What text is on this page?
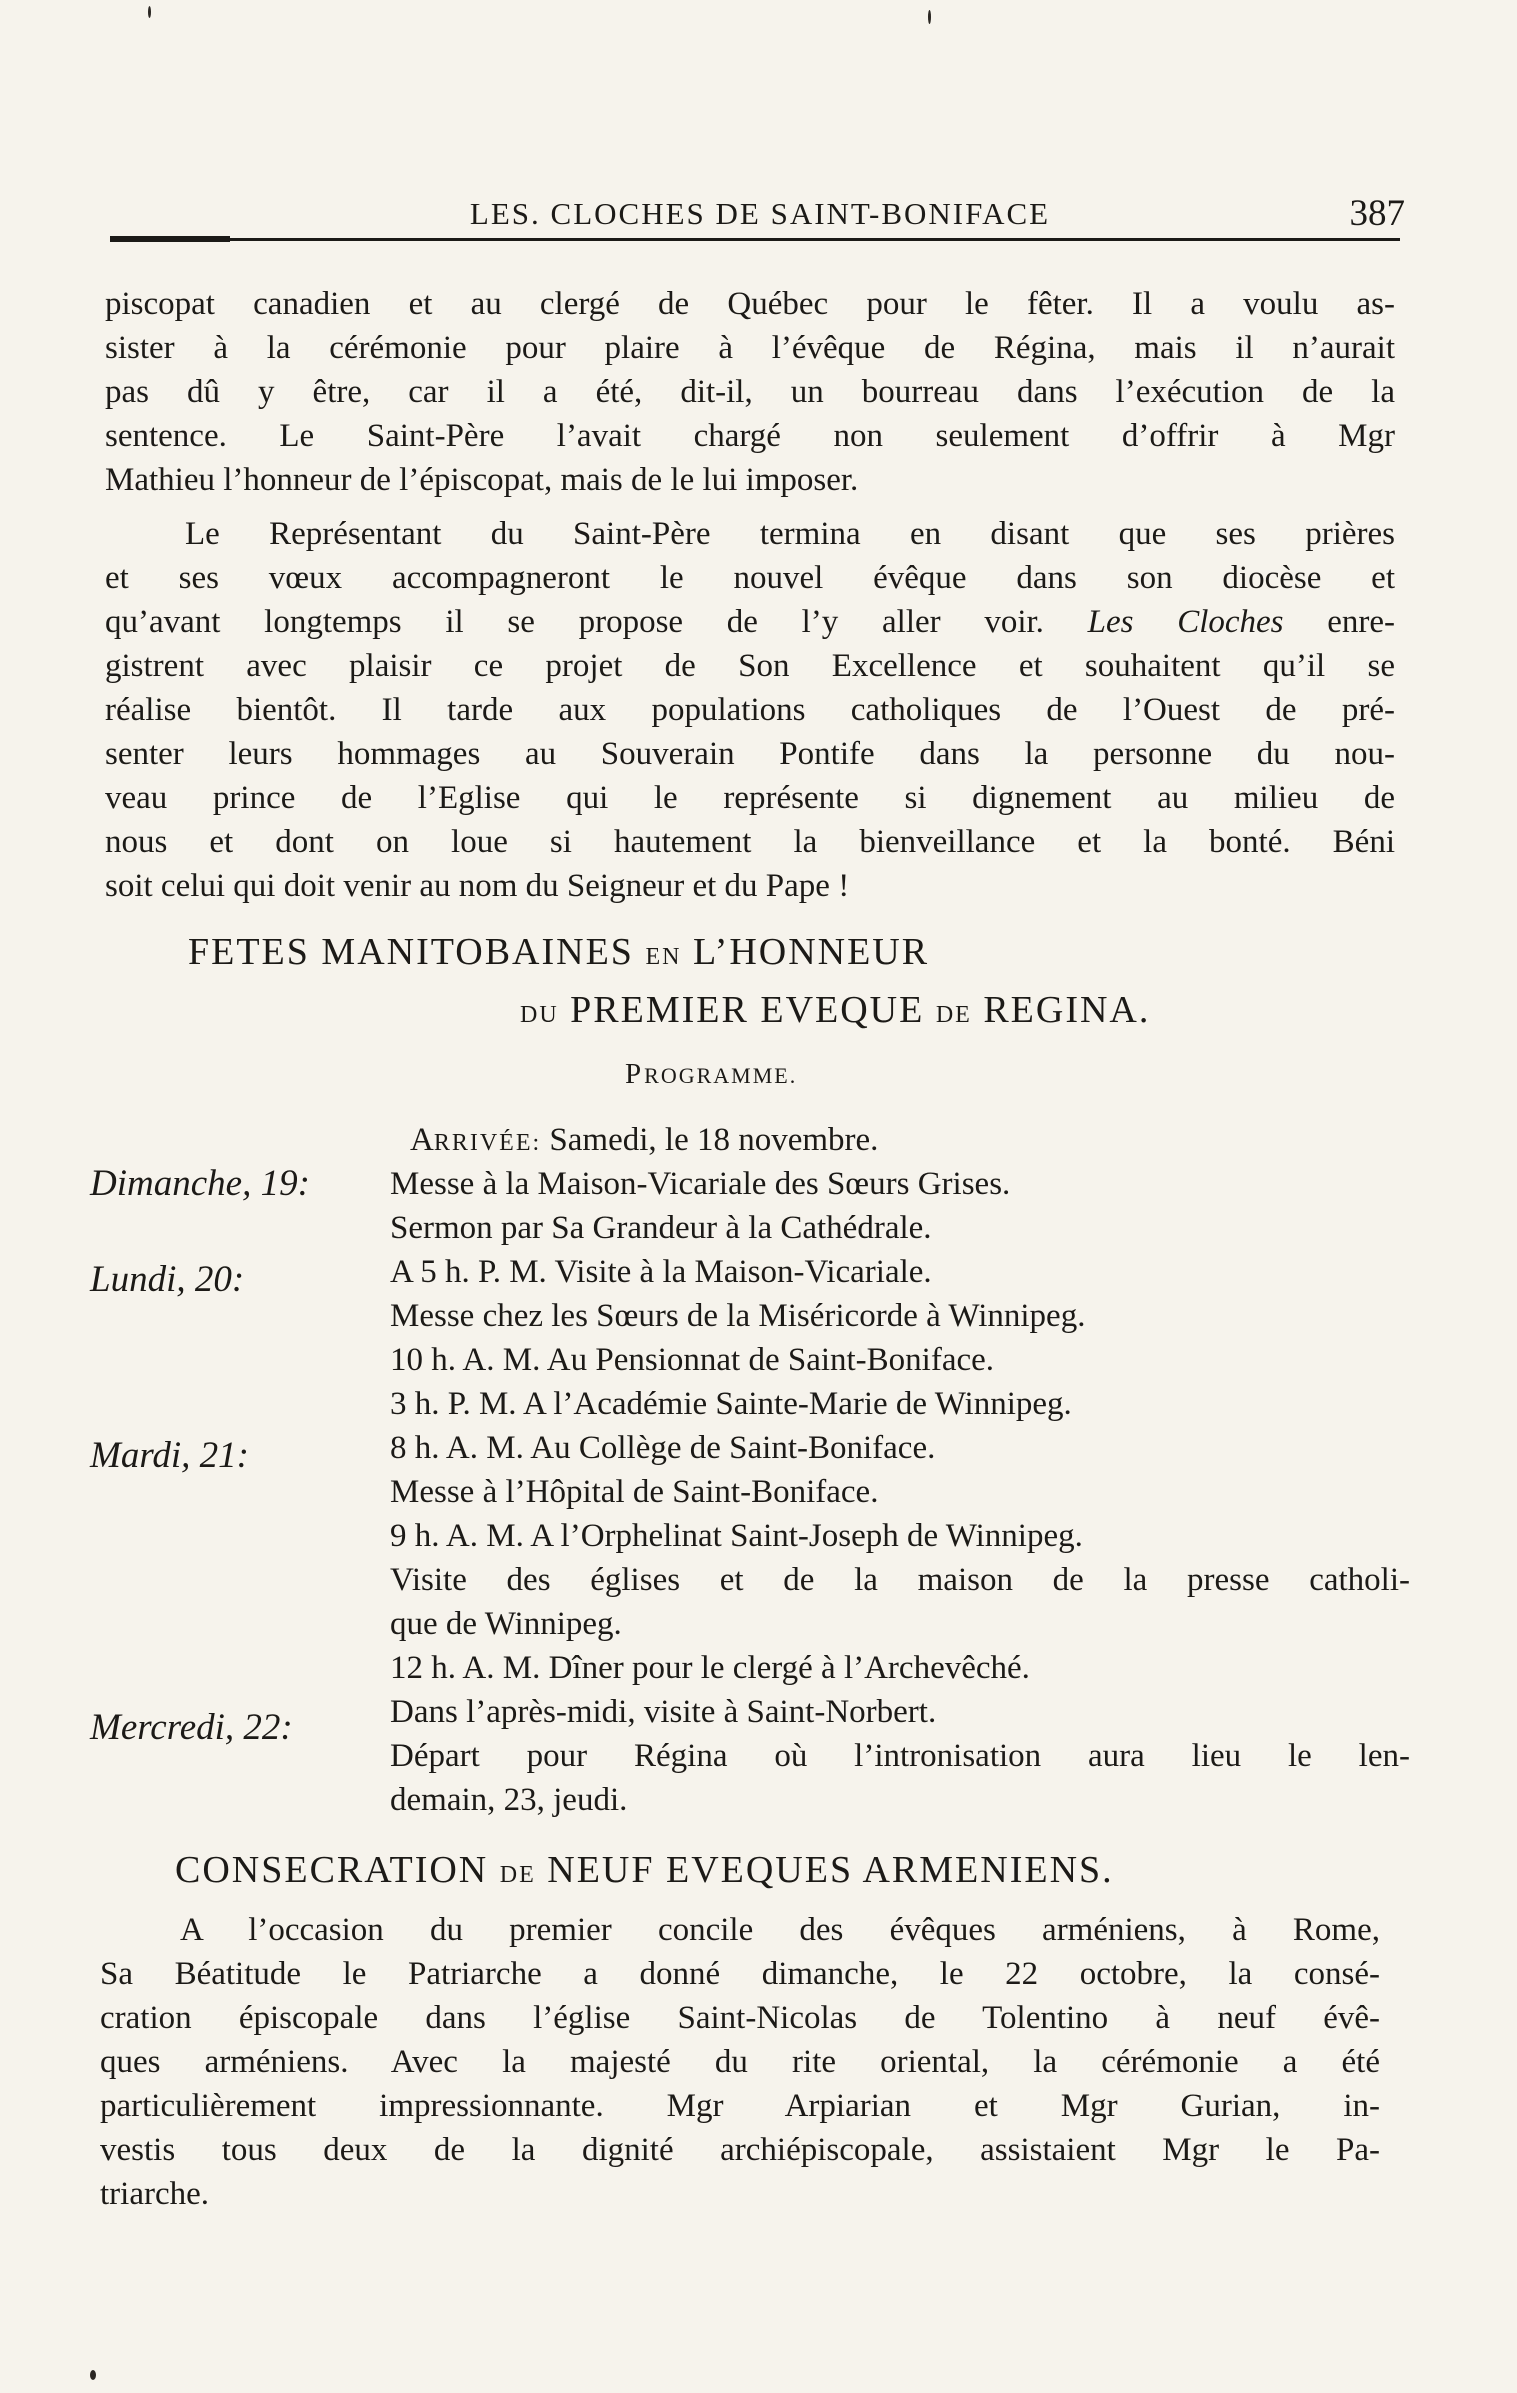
LES. CLOCHES DE SAINT-BONIFACE	387
piscopat canadien et au clergé de Québec pour le fêter. Il a voulu as-
sister à la cérémonie pour plaire à l’évêque de Régina, mais il n’aurait
pas dû y être, car il a été, dit-il, un bourreau dans l’exécution de la
sentence. Le Saint-Père l’avait chargé non seulement d’offrir à Mgr
Mathieu l’honneur de l’épiscopat, mais de le lui imposer.
Le Représentant du Saint-Père termina en disant que ses prières
et ses vœux accompagneront le nouvel évêque dans son diocèse et
qu’avant longtemps il se propose de l’y aller voir. Les Cloches enre-
gistrent avec plaisir ce projet de Son Excellence et souhaitent qu’il se
réalise bientôt. Il tarde aux populations catholiques de l’Ouest de pré-
senter leurs hommages au Souverain Pontife dans la personne du nou-
veau prince de l’Eglise qui le représente si dignement au milieu de
nous et dont on loue si hautement la bienveillance et la bonté. Béni
soit celui qui doit venir au nom du Seigneur et du Pape !
FETES MANITOBAINES EN L’HONNEUR
DU PREMIER EVEQUE DE REGINA.
PROGRAMME.
ARRIVÉE: Samedi, le 18 novembre.
Dimanche, 19: Messe à la Maison-Vicariale des Sœurs Grises.
Sermon par Sa Grandeur à la Cathédrale.
Lundi, 20:	A 5 h. P. M. Visite à la Maison-Vicariale.
Messe chez les Sœurs de la Miséricorde à Winnipeg.
10 h. A. M. Au Pensionnat de Saint-Boniface.
3 h. P. M. A l’Académie Sainte-Marie de Winnipeg.
Mardi, 21:	8 h. A. M. Au Collège de Saint-Boniface.
Messe à l’Hôpital de Saint-Boniface.
9 h. A. M. A l’Orphelinat Saint-Joseph de Winnipeg.
Visite des églises et de la maison de la presse catholi-
que de Winnipeg.
12 h. A. M. Dîner pour le clergé à l’Archevêché.
Mercredi, 22:	Dans l’après-midi, visite à Saint-Norbert.
Départ pour Régina où l’intronisation aura lieu le len-
demain, 23, jeudi.
CONSECRATION DE NEUF EVEQUES ARMENIENS.
A l’occasion du premier concile des évêques arméniens, à Rome,
Sa Béatitude le Patriarche a donné dimanche, le 22 octobre, la consé-
cration épiscopale dans l’église Saint-Nicolas de Tolentino à neuf évê-
ques arméniens. Avec la majesté du rite oriental, la cérémonie a été
particulièrement impressionnante. Mgr Arpiarian et Mgr Gurian, in-
vestis tous deux de la dignité archiépiscopale, assistaient Mgr le Pa-
triarche.
